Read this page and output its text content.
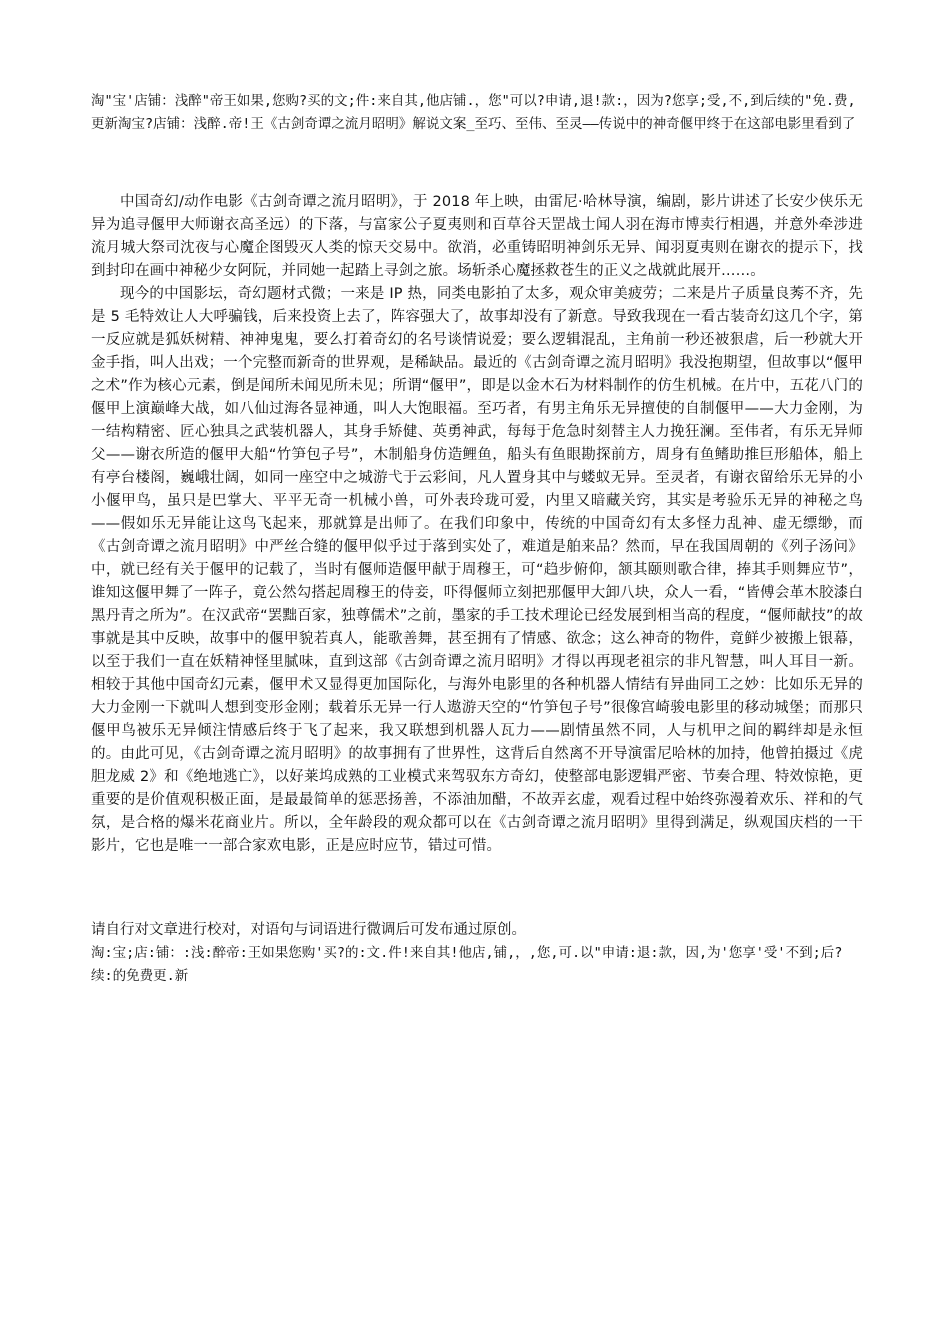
淘"宝'店铺：浅醉"帝王如果,您购?买的文;件:来自其,他店铺.，您"可以?申请,退!款:，因为?您享;受,不,到后续的"免.费,更新淘宝?店铺：浅醉.帝!王《古剑奇谭之流月昭明》解说文案_至巧、至伟、至灵——传说中的神奇偃甲终于在这部电影里看到了

中国奇幻/动作电影《古剑奇谭之流月昭明》，于 2018 年上映，由雷尼·哈林导演，编剧，影片讲述了长安少侠乐无异为追寻偃甲大师谢衣高圣远）的下落，与富家公子夏夷则和百草谷天罡战士闻人羽在海市博卖行相遇，并意外牵涉进流月城大祭司沈夜与心魔企图毁灭人类的惊天交易中。欲消，必重铸昭明神剑乐无异、闻羽夏夷则在谢衣的提示下，找到封印在画中神秘少女阿阮，并同她一起踏上寻剑之旅。场斩杀心魔拯救苍生的正义之战就此展开……。

现今的中国影坛，奇幻题材式微；一来是 IP 热，同类电影拍了太多，观众审美疲劳；二来是片子质量良莠不齐，先是 5 毛特效让人大呼骗钱，后来投资上去了，阵容强大了，故事却没有了新意。导致我现在一看古装奇幻这几个字，第一反应就是狐妖树精、神神鬼鬼，要么打着奇幻的名号谈情说爱；要么逻辑混乱，主角前一秒还被狠虐，后一秒就大开金手指，叫人出戏；一个完整而新奇的世界观，是稀缺品。最近的《古剑奇谭之流月昭明》我没抱期望，但故事以“偃甲之术”作为核心元素，倒是闻所未闻见所未见；所谓“偃甲”，即是以金木石为材料制作的仿生机械。在片中，五花八门的偃甲上演巅峰大战，如八仙过海各显神通，叫人大饱眼福。至巧者，有男主角乐无异擅使的自制偃甲——大力金刚，为一结构精密、匠心独具之武装机器人，其身手矫健、英勇神武，每每于危急时刻替主人力挽狂澜。至伟者，有乐无异师父——谢衣所造的偃甲大船“竹笋包子号”，木制船身仿造鲤鱼，船头有鱼眼勘探前方，周身有鱼鳍助推巨形船体，船上有亭台楼阁，巍峨壮阔，如同一座空中之城游弋于云彩间，凡人置身其中与蝼蚁无异。至灵者，有谢衣留给乐无异的小小偃甲鸟，虽只是巴掌大、平平无奇一机械小兽，可外表玲珑可爱，内里又暗藏关窍，其实是考验乐无异的神秘之鸟——假如乐无异能让这鸟飞起来，那就算是出师了。在我们印象中，传统的中国奇幻有太多怪力乱神、虚无缥缈，而《古剑奇谭之流月昭明》中严丝合缝的偃甲似乎过于落到实处了，难道是舶来品？然而，早在我国周朝的《列子汤问》中，就已经有关于偃甲的记载了，当时有偃师造偃甲献于周穆王，可“趋步俯仰，颔其颐则歌合律，捧其手则舞应节”，谁知这偃甲舞了一阵子，竟公然勾搭起周穆王的侍妾，吓得偃师立刻把那偃甲大卸八块，众人一看，“皆傅会革木胶漆白黑丹青之所为”。在汉武帝“罢黜百家，独尊儒术”之前，墨家的手工技术理论已经发展到相当高的程度，“偃师献技”的故事就是其中反映，故事中的偃甲貌若真人，能歌善舞，甚至拥有了情感、欲念；这么神奇的物件，竟鲜少被搬上银幕，以至于我们一直在妖精神怪里腻味，直到这部《古剑奇谭之流月昭明》才得以再现老祖宗的非凡智慧，叫人耳目一新。相较于其他中国奇幻元素，偃甲术又显得更加国际化，与海外电影里的各种机器人情结有异曲同工之妙：比如乐无异的大力金刚一下就叫人想到变形金刚；载着乐无异一行人遨游天空的“竹笋包子号”很像宫崎骏电影里的移动城堡；而那只偃甲鸟被乐无异倾注情感后终于飞了起来，我又联想到机器人瓦力——剧情虽然不同，人与机甲之间的羁绊却是永恒的。由此可见，《古剑奇谭之流月昭明》的故事拥有了世界性，这背后自然离不开导演雷尼哈林的加持，他曾拍摄过《虎胆龙威 2》和《绝地逃亡》，以好莱坞成熟的工业模式来驾驭东方奇幻，使整部电影逻辑严密、节奏合理、特效惊艳，更重要的是价值观积极正面，是最最简单的惩恶扬善，不添油加醋，不故弄玄虚，观看过程中始终弥漫着欢乐、祥和的气氛，是合格的爆米花商业片。所以，全年龄段的观众都可以在《古剑奇谭之流月昭明》里得到满足，纵观国庆档的一干影片，它也是唯一一部合家欢电影，正是应时应节，错过可惜。

请自行对文章进行校对，对语句与词语进行微调后可发布通过原创。

淘:宝;店:铺：:浅:醉帝:王如果您购'买?的:文.件!来自其!他店,铺,，,您,可.以"申请:退:款，因,为'您享'受'不到;后?续:的免费更.新
